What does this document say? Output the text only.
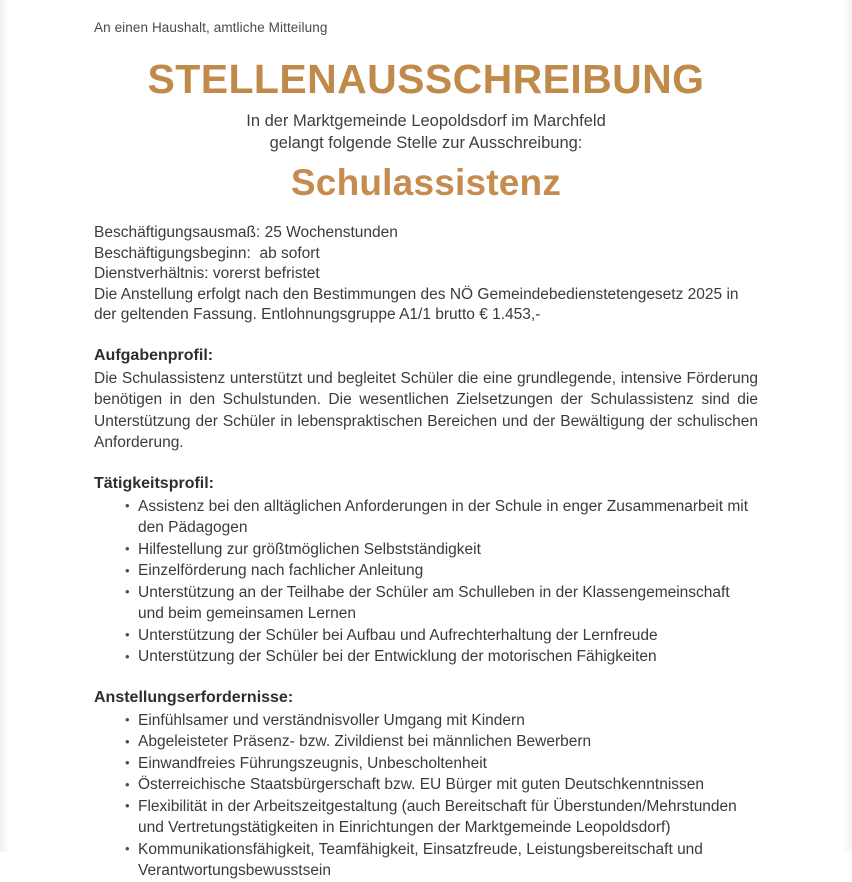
An einen Haushalt, amtliche Mitteilung
STELLENAUSSCHREIBUNG
In der Marktgemeinde Leopoldsdorf im Marchfeld
gelangt folgende Stelle zur Ausschreibung:
Schulassistenz
Beschäftigungsausmaß: 25 Wochenstunden
Beschäftigungsbeginn:  ab sofort
Dienstverhältnis: vorerst befristet
Die Anstellung erfolgt nach den Bestimmungen des NÖ Gemeindebedienstetengesetz 2025 in der geltenden Fassung. Entlohnungsgruppe A1/1 brutto € 1.453,-
Aufgabenprofil:
Die Schulassistenz unterstützt und begleitet Schüler die eine grundlegende, intensive Förderung benötigen in den Schulstunden. Die wesentlichen Zielsetzungen der Schulassistenz sind die Unterstützung der Schüler in lebenspraktischen Bereichen und der Bewältigung der schulischen Anforderung.
Tätigkeitsprofil:
• Assistenz bei den alltäglichen Anforderungen in der Schule in enger Zusammenarbeit mit den Pädagogen
• Hilfestellung zur größtmöglichen Selbstständigkeit
• Einzelförderung nach fachlicher Anleitung
• Unterstützung an der Teilhabe der Schüler am Schulleben in der Klassengemeinschaft und beim gemeinsamen Lernen
• Unterstützung der Schüler bei Aufbau und Aufrechterhaltung der Lernfreude
• Unterstützung der Schüler bei der Entwicklung der motorischen Fähigkeiten
Anstellungserfordernisse:
• Einfühlsamer und verständnisvoller Umgang mit Kindern
• Abgeleisteter Präsenz- bzw. Zivildienst bei männlichen Bewerbern
• Einwandfreies Führungszeugnis, Unbescholtenheit
• Österreichische Staatsbürgerschaft bzw. EU Bürger mit guten Deutschkenntnissen
• Flexibilität in der Arbeitszeitgestaltung (auch Bereitschaft für Überstunden/Mehrstunden und Vertretungstätigkeiten in Einrichtungen der Marktgemeinde Leopoldsdorf)
• Kommunikationsfähigkeit, Teamfähigkeit, Einsatzfreude, Leistungsbereitschaft und Verantwortungsbewusstsein
